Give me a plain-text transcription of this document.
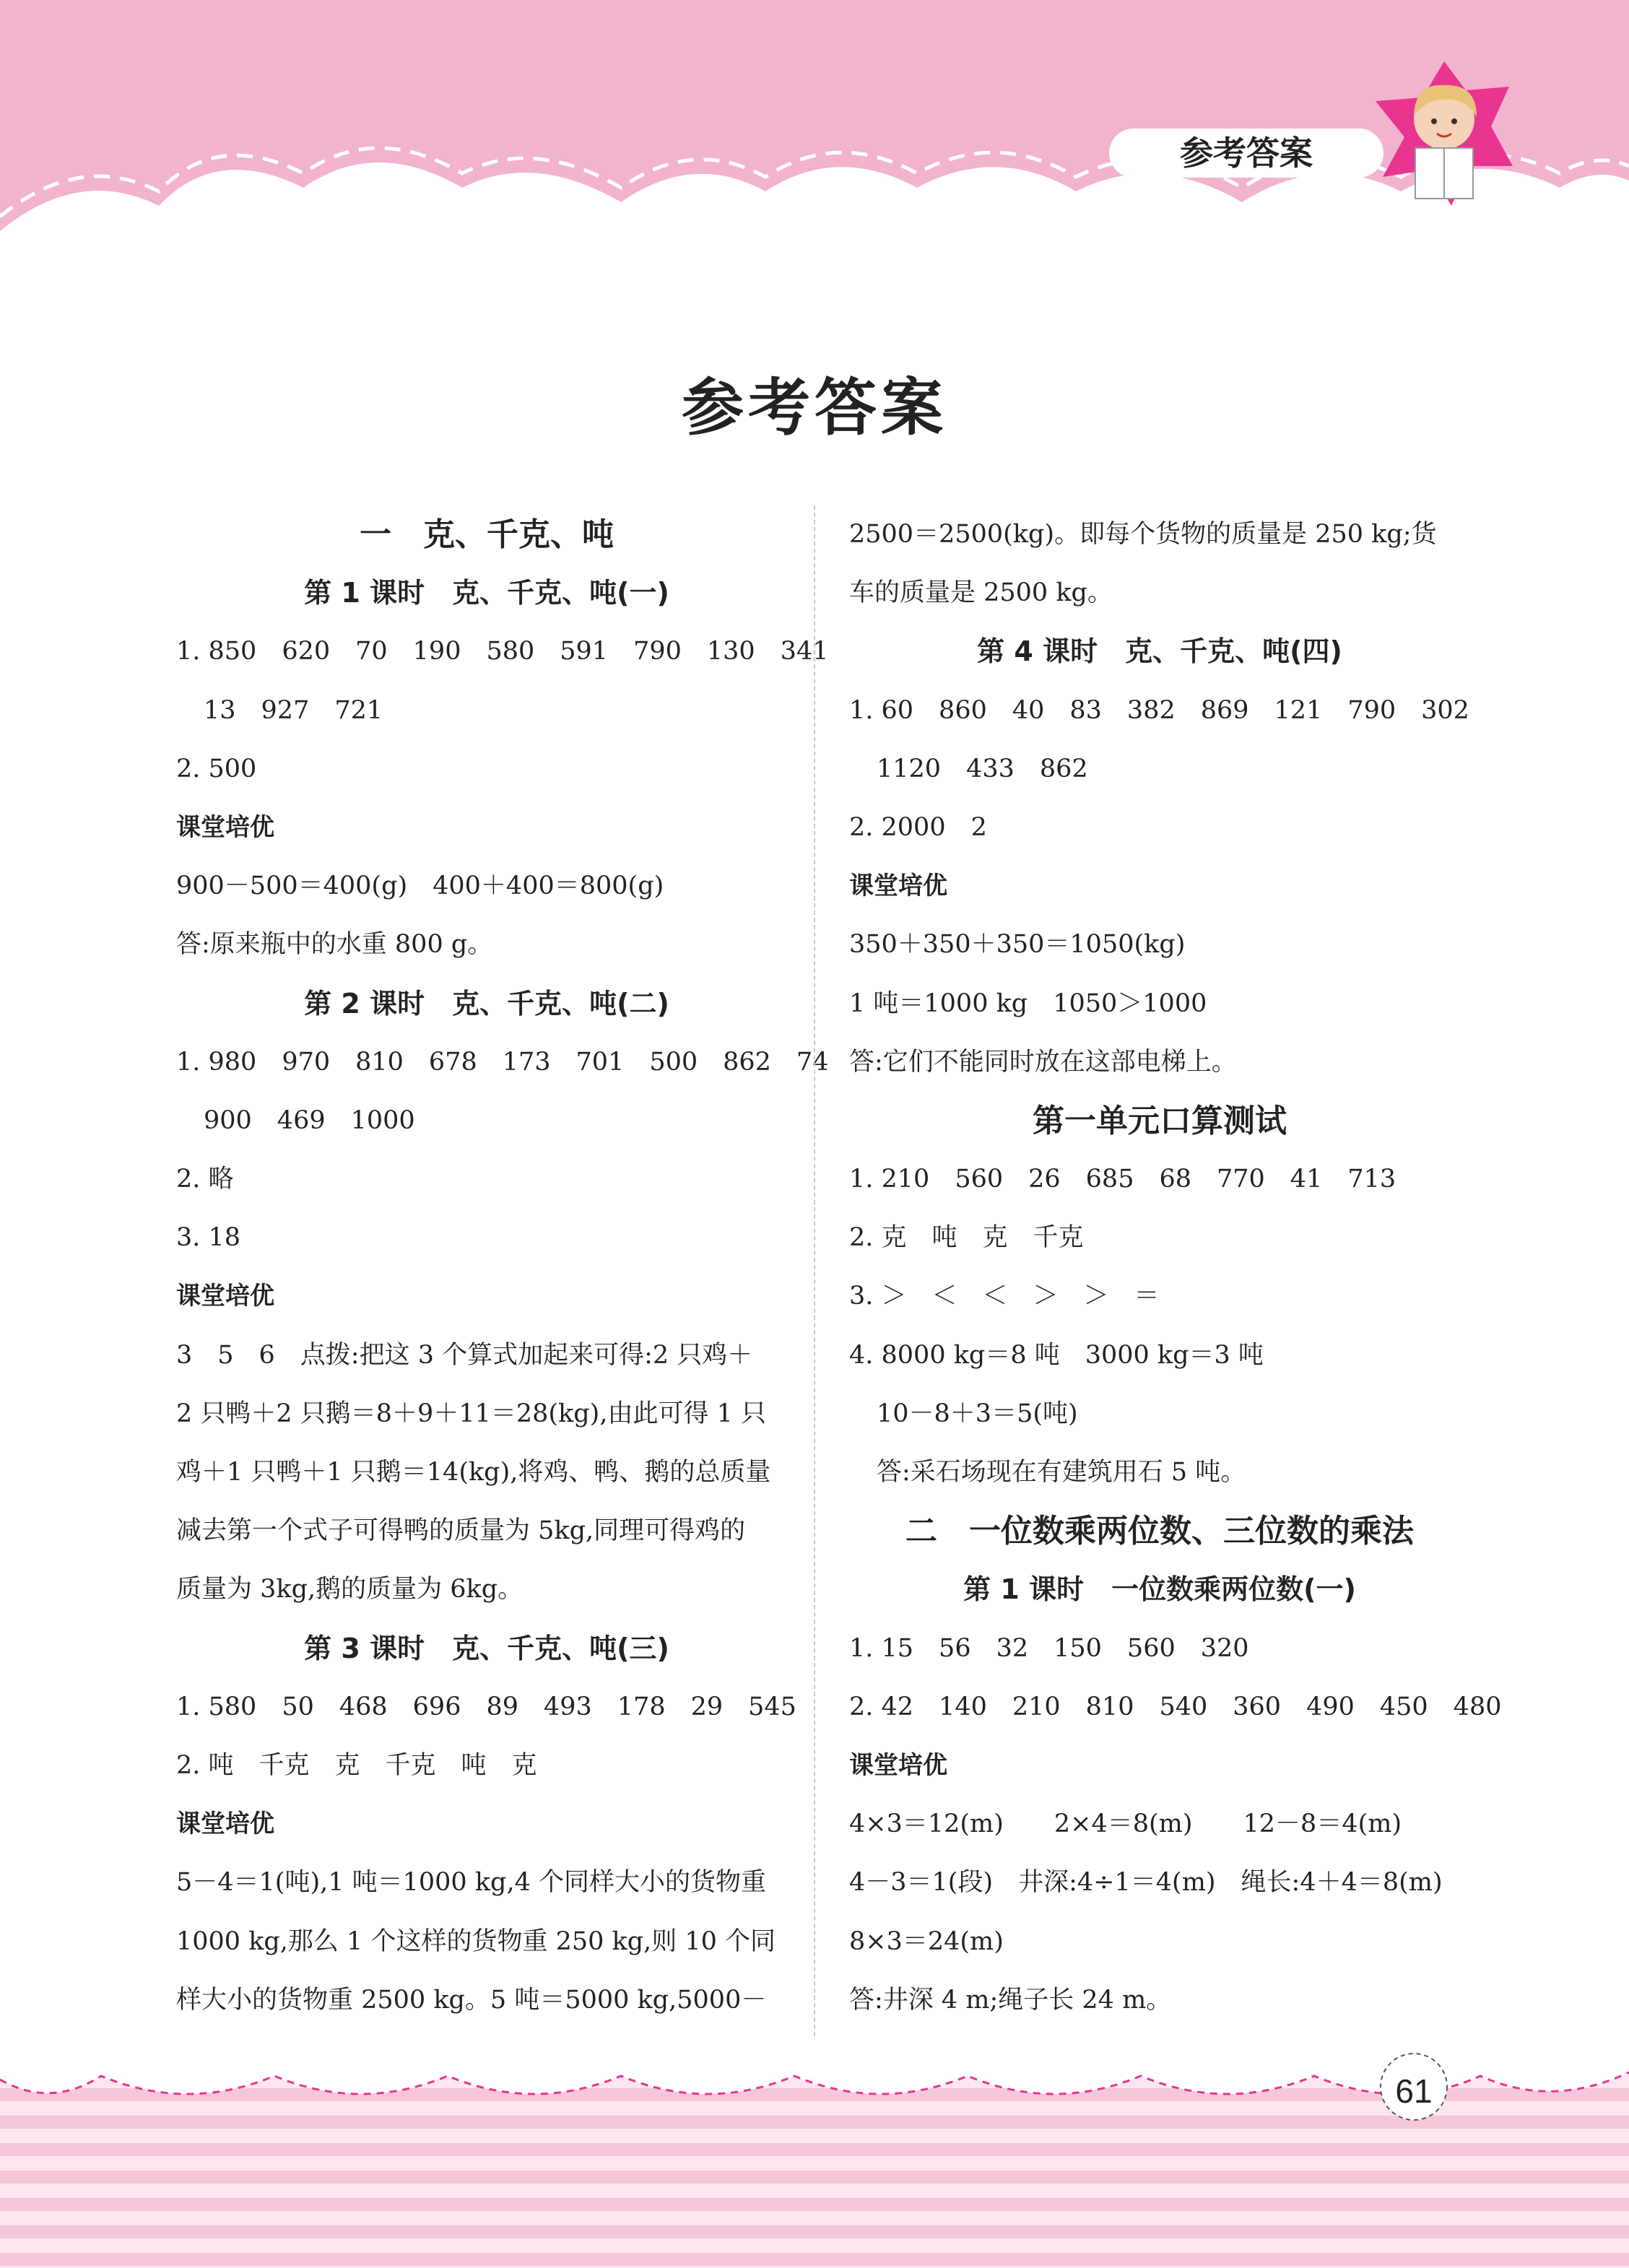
参考答案
参考答案
一　克、千克、吨
第 1 课时　克、千克、吨(一)
1. 850　620　70　190　580　591　790　130　341
13　927　721
2. 500
课堂培优
900－500＝400(g)　400＋400＝800(g)
答:原来瓶中的水重 800 g。
第 2 课时　克、千克、吨(二)
1. 980　970　810　678　173　701　500　862　74
900　469　1000
2. 略
3. 18
课堂培优
3　5　6　点拨:把这 3 个算式加起来可得:2 只鸡＋
2 只鸭＋2 只鹅＝8＋9＋11＝28(kg),由此可得 1 只
鸡＋1 只鸭＋1 只鹅＝14(kg),将鸡、鸭、鹅的总质量
减去第一个式子可得鸭的质量为 5kg,同理可得鸡的
质量为 3kg,鹅的质量为 6kg。
第 3 课时　克、千克、吨(三)
1. 580　50　468　696　89　493　178　29　545
2. 吨　千克　克　千克　吨　克
课堂培优
5－4＝1(吨),1 吨＝1000 kg,4 个同样大小的货物重
1000 kg,那么 1 个这样的货物重 250 kg,则 10 个同
样大小的货物重 2500 kg。5 吨＝5000 kg,5000－
2500＝2500(kg)。即每个货物的质量是 250 kg;货
车的质量是 2500 kg。
第 4 课时　克、千克、吨(四)
1. 60　860　40　83　382　869　121　790　302
1120　433　862
2. 2000　2
课堂培优
350＋350＋350＝1050(kg)
1 吨＝1000 kg　1050＞1000
答:它们不能同时放在这部电梯上。
第一单元口算测试
1. 210　560　26　685　68　770　41　713
2. 克　吨　克　千克
3. ＞　＜　＜　＞　＞　＝
4. 8000 kg＝8 吨　3000 kg＝3 吨
10－8＋3＝5(吨)
答:采石场现在有建筑用石 5 吨。
二　一位数乘两位数、三位数的乘法
第 1 课时　一位数乘两位数(一)
1. 15　56　32　150　560　320
2. 42　140　210　810　540　360　490　450　480
课堂培优
4×3＝12(m)　　2×4＝8(m)　　12－8＝4(m)
4－3＝1(段)　井深:4÷1＝4(m)　绳长:4＋4＝8(m)
8×3＝24(m)
答:井深 4 m;绳子长 24 m。
61
